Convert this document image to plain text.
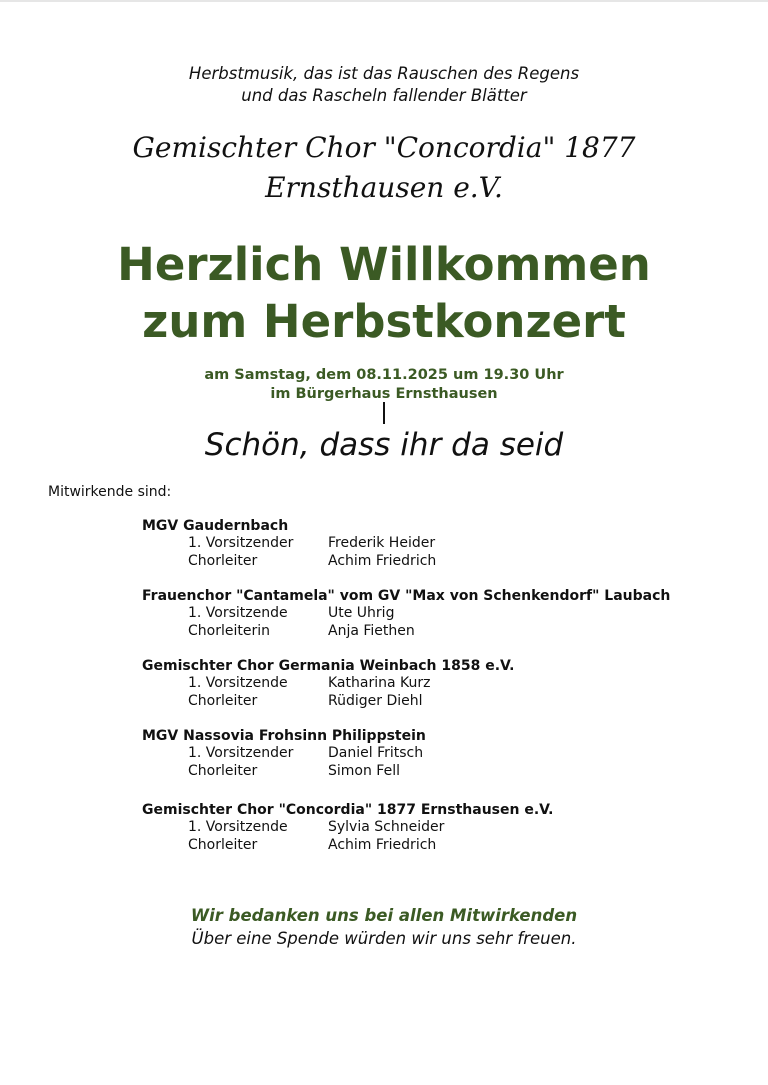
Herbstmusik, das ist das Rauschen des Regens
und das Rascheln fallender Blätter
Gemischter Chor "Concordia" 1877
Ernsthausen e.V.
Herzlich Willkommen
zum Herbstkonzert
am Samstag, dem 08.11.2025 um 19.30 Uhr
im Bürgerhaus Ernsthausen
Schön, dass ihr da seid
Mitwirkende sind:
MGV Gaudernbach
1. Vorsitzender	Frederik Heider
Chorleiter	Achim Friedrich
Frauenchor "Cantamela" vom GV "Max von Schenkendorf" Laubach
1. Vorsitzende	Ute Uhrig
Chorleiterin	Anja Fiethen
Gemischter Chor Germania Weinbach 1858 e.V.
1. Vorsitzende	Katharina Kurz
Chorleiter	Rüdiger Diehl
MGV Nassovia Frohsinn Philippstein
1. Vorsitzender	Daniel Fritsch
Chorleiter	Simon Fell
Gemischter Chor "Concordia" 1877 Ernsthausen e.V.
1. Vorsitzende	Sylvia Schneider
Chorleiter	Achim Friedrich
Wir bedanken uns bei allen Mitwirkenden
Über eine Spende würden wir uns sehr freuen.
